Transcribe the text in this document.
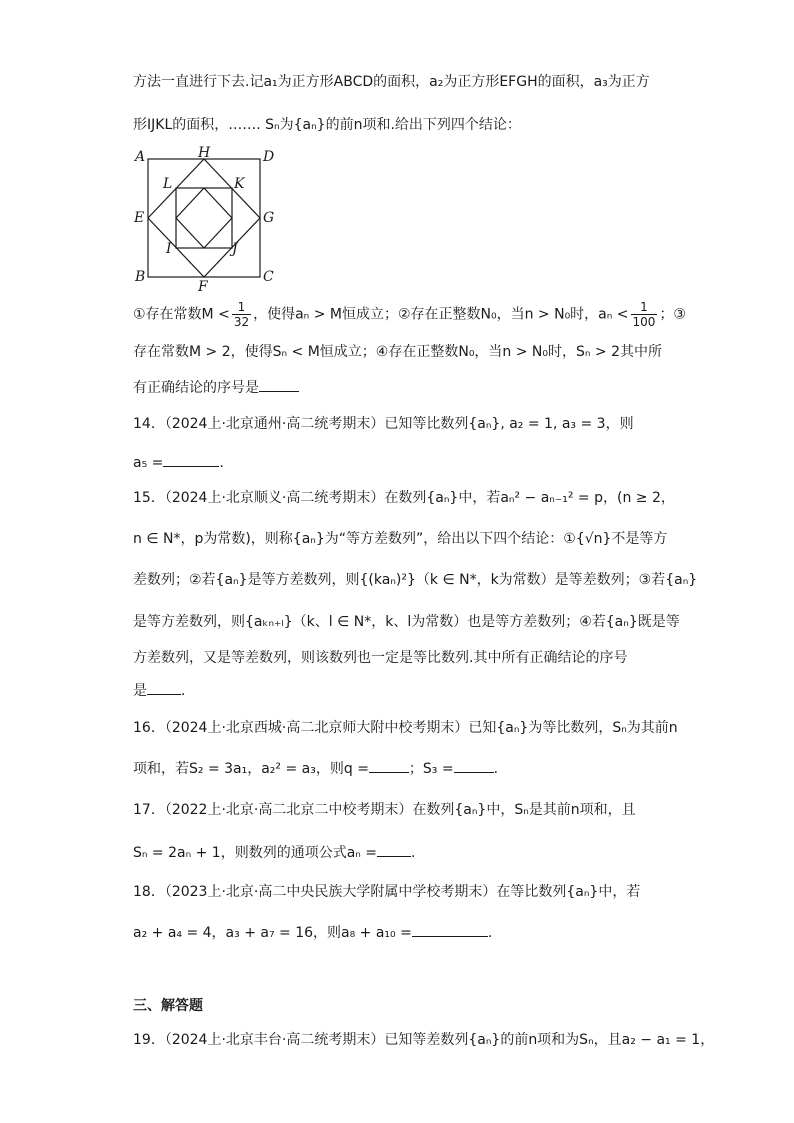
方法一直进行下去.记a₁为正方形ABCD的面积，a₂为正方形EFGH的面积，a₃为正方
形IJKL的面积，……. Sₙ为{aₙ}的前n项和.给出下列四个结论：
A	H	D
L	K
E	G
I	J
B
F
C
①存在常数$M < \frac{1}{32}$ ，使得aₙ > M恒成立；②存在正整数N₀，当n > N₀时，$a_n < \frac{1}{100}$ ；③
存在常数M > 2，使得Sₙ < M恒成立；④存在正整数N₀，当n > N₀时，Sₙ > 2其中所
有正确结论的序号是
14．（2024上·北京通州·高二统考期末）已知等比数列{aₙ}, a₂ = 1, a₃ = 3，则
a₅ =	.
15．（2024上·北京顺义·高二统考期末）在数列{aₙ}中，若aₙ² − aₙ₋₁² = p，(n ≥ 2，
n ∈ N*，p为常数)，则称{aₙ}为“等方差数列”，给出以下四个结论：①{√n}不是等方
差数列；②若{aₙ}是等方差数列，则{(kaₙ)²}（k ∈ N*，k为常数）是等差数列；③若{aₙ}
是等方差数列，则{aₖₙ₊ₗ}（k、l ∈ N*，k、l为常数）也是等方差数列；④若{aₙ}既是等
方差数列，又是等差数列，则该数列也一定是等比数列.其中所有正确结论的序号
是 .
16．（2024上·北京西城·高二北京师大附中校考期末）已知{aₙ}为等比数列，Sₙ为其前n
项和，若S₂ = 3a₁，a₂² = a₃，则q =	；S₃ =	.
17．（2022上·北京·高二北京二中校考期末）在数列{aₙ}中，Sₙ是其前n项和，且
Sₙ = 2aₙ + 1，则数列的通项公式aₙ = .
18．（2023上·北京·高二中央民族大学附属中学校考期末）在等比数列{aₙ}中，若
a₂ + a₄ = 4，a₃ + a₇ = 16，则a₈ + a₁₀ =	.
三、解答题
19．（2024上·北京丰台·高二统考期末）已知等差数列{aₙ}的前n项和为Sₙ，且a₂ − a₁ = 1，
